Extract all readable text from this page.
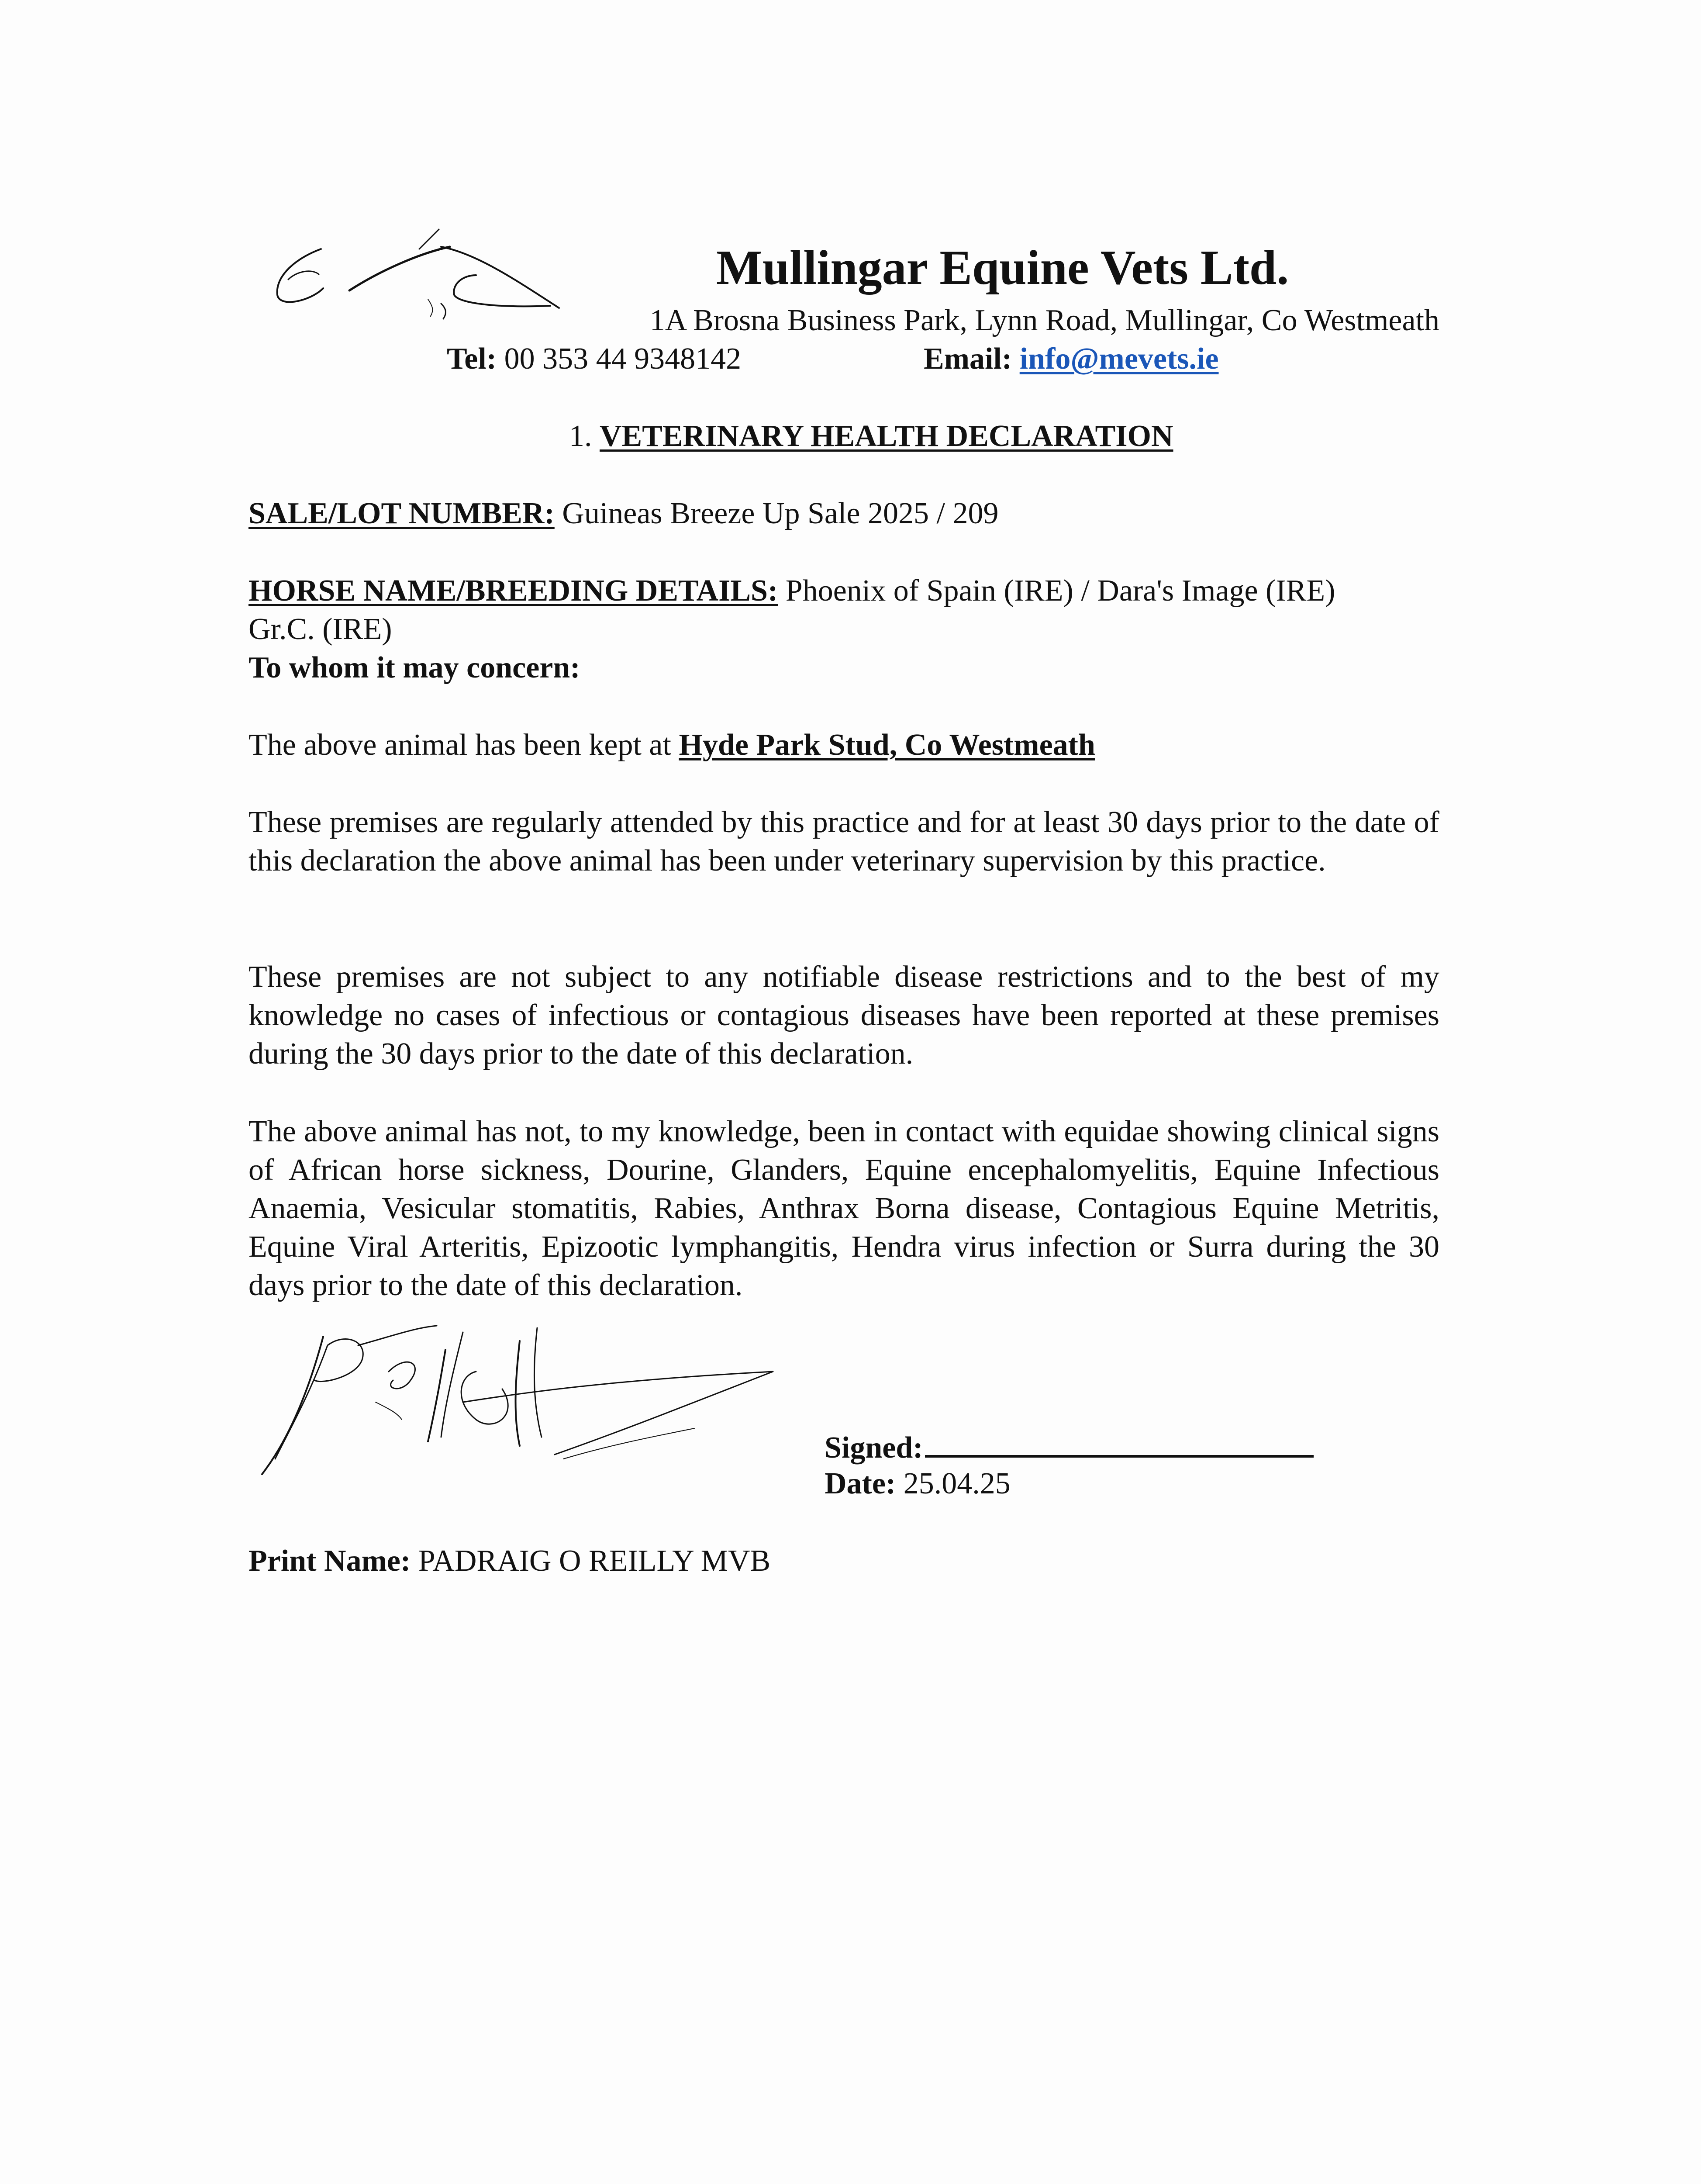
Mullingar Equine Vets Ltd.
1A Brosna Business Park, Lynn Road, Mullingar, Co Westmeath
Tel: 00 353 44 9348142	Email: info@mevets.ie
1. VETERINARY HEALTH DECLARATION
SALE/LOT NUMBER: Guineas Breeze Up Sale 2025 / 209
HORSE NAME/BREEDING DETAILS: Phoenix of Spain (IRE) / Dara's Image (IRE)
Gr.C. (IRE)
To whom it may concern:
The above animal has been kept at Hyde Park Stud, Co Westmeath

These premises are regularly attended by this practice and for at least 30 days prior to the date of this declaration the above animal has been under veterinary supervision by this practice.

These premises are not subject to any notifiable disease restrictions and to the best of my knowledge no cases of infectious or contagious diseases have been reported at these premises during the 30 days prior to the date of this declaration.

The above animal has not, to my knowledge, been in contact with equidae showing clinical signs of African horse sickness, Dourine, Glanders, Equine encephalomyelitis, Equine Infectious Anaemia, Vesicular stomatitis, Rabies, Anthrax Borna disease, Contagious Equine Metritis, Equine Viral Arteritis, Epizootic lymphangitis, Hendra virus infection or Surra during the 30 days prior to the date of this declaration.

Signed:
Date: 25.04.25
Print Name: PADRAIG O REILLY MVB
